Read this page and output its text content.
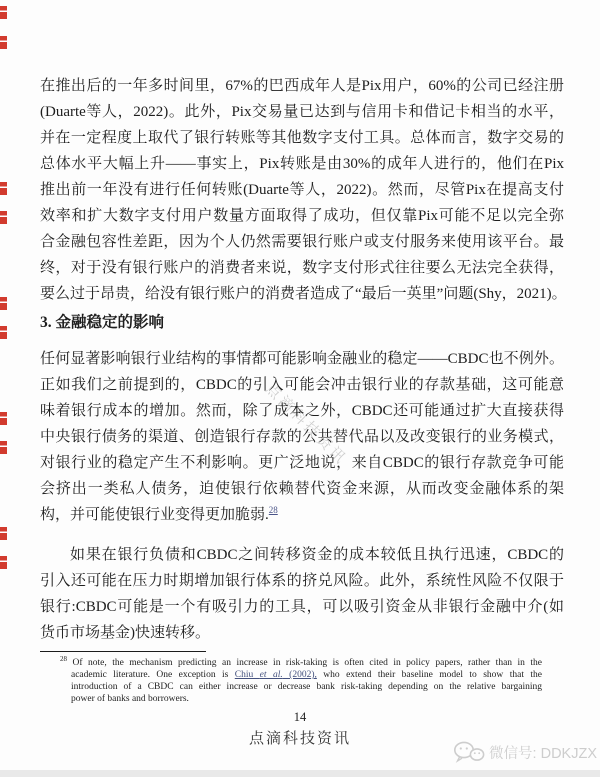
点滴科技资讯
在推出后的一年多时间里，67%的巴西成年人是Pix用户，60%的公司已经注册
(Duarte等人，2022)。此外，Pix交易量已达到与信用卡和借记卡相当的水平，
并在一定程度上取代了银行转账等其他数字支付工具。总体而言，数字交易的
总体水平大幅上升——事实上，Pix转账是由30%的成年人进行的，他们在Pix
推出前一年没有进行任何转账(Duarte等人，2022)。然而，尽管Pix在提高支付
效率和扩大数字支付用户数量方面取得了成功，但仅靠Pix可能不足以完全弥
合金融包容性差距，因为个人仍然需要银行账户或支付服务来使用该平台。最
终，对于没有银行账户的消费者来说，数字支付形式往往要么无法完全获得，
要么过于昂贵，给没有银行账户的消费者造成了“最后一英里”问题(Shy，2021)。
3. 金融稳定的影响
任何显著影响银行业结构的事情都可能影响金融业的稳定——CBDC也不例外。
正如我们之前提到的，CBDC的引入可能会冲击银行业的存款基础，这可能意
味着银行成本的增加。然而，除了成本之外，CBDC还可能通过扩大直接获得
中央银行债务的渠道、创造银行存款的公共替代品以及改变银行的业务模式，
对银行业的稳定产生不利影响。更广泛地说，来自CBDC的银行存款竞争可能
会挤出一类私人债务，迫使银行依赖替代资金来源，从而改变金融体系的架
构，并可能使银行业变得更加脆弱.$^{28}$
如果在银行负债和CBDC之间转移资金的成本较低且执行迅速，CBDC的
引入还可能在压力时期增加银行体系的挤兑风险。此外，系统性风险不仅限于
银行:CBDC可能是一个有吸引力的工具，可以吸引资金从非银行金融中介(如
货币市场基金)快速转移。
$^{28}$ Of note, the mechanism predicting an increase in risk-taking is often cited in policy papers, rather than in the
academic literature. One exception is Chiu et al. (2002), who extend their baseline model to show that the
introduction of a CBDC can either increase or decrease bank risk-taking depending on the relative bargaining
power of banks and borrowers.
14
点滴科技资讯
微信号: DDKJZX
